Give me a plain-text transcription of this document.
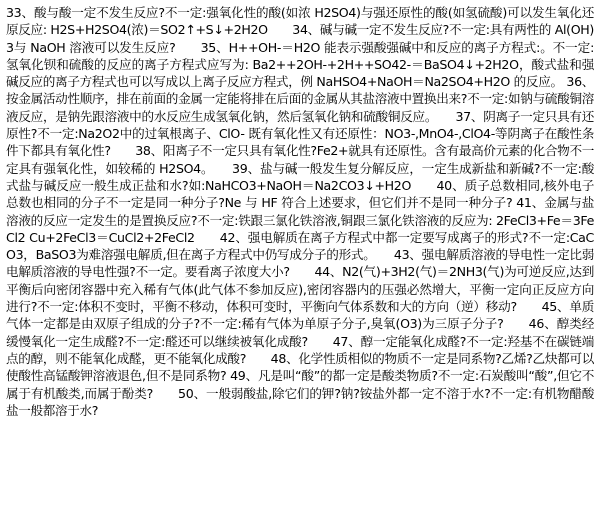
33、酸与酸一定不发生反应?不一定:强氧化性的酸(如浓 H2SO4)与强还原性的酸(如氢硫酸)可以发生氧化还原反应: H2S+H2SO4(浓)＝SO2↑+S↓+2H2O　　34、碱与碱一定不发生反应?不一定:具有两性的 Al(OH)3与 NaOH 溶液可以发生反应?　　35、H++OH-＝H2O 能表示强酸强碱中和反应的离子方程式:。不一定:氢氧化钡和硫酸的反应的离子方程式应写为: Ba2++2OH-+2H++SO42-＝BaSO4↓+2H2O，酸式盐和强碱反应的离子方程式也可以写成以上离子反应方程式，例 NaHSO4+NaOH＝Na2SO4+H2O 的反应。 36、按金属活动性顺序，排在前面的金属一定能将排在后面的金属从其盐溶液中置换出来?不一定:如钠与硫酸铜溶液反应，是钠先跟溶液中的水反应生成氢氧化钠，然后氢氧化钠和硫酸铜反应。　　37、阴离子一定只具有还原性?不一定:Na2O2中的过氧根离子、ClO- 既有氧化性又有还原性：NO3-,MnO4-,ClO4-等阴离子在酸性条件下都具有氧化性?　　38、阳离子不一定只具有氧化性?Fe2+就具有还原性。含有最高价元素的化合物不一定具有强氧化性，如较稀的 H2SO4。　　39、盐与碱一般发生复分解反应，一定生成新盐和新碱?不一定:酸式盐与碱反应一般生成正盐和水?如:NaHCO3+NaOH＝Na2CO3↓+H2O　　40、质子总数相同,核外电子总数也相同的分子不一定是同一种分子?Ne 与 HF 符合上述要求，但它们并不是同一种分子? 41、金属与盐溶液的反应一定发生的是置换反应?不一定:铁跟三氯化铁溶液,铜跟三氯化铁溶液的反应为: 2FeCl3+Fe＝3FeCl2 Cu+2FeCl3＝CuCl2+2FeCl2　　42、强电解质在离子方程式中都一定要写成离子的形式?不一定:CaCO3，BaSO3为难溶强电解质,但在离子方程式中仍写成分子的形式。　　43、强电解质溶液的导电性一定比弱电解质溶液的导电性强?不一定。要看离子浓度大小?　　44、N2(气)+3H2(气)＝2NH3(气)为可逆反应,达到平衡后向密闭容器中充入稀有气体(此气体不参加反应),密闭容器内的压强必然增大，平衡一定向正反应方向进行?不一定:体积不变时，平衡不移动，体积可变时，平衡向气体系数和大的方向（逆）移动?　　45、单质气体一定都是由双原子组成的分子?不一定:稀有气体为单原子分子,臭氧(O3)为三原子分子?　　46、醇类经缓慢氧化一定生成醛?不一定:醛还可以继续被氧化成酸?　　47、醇一定能氧化成醛?不一定:羟基不在碳链端点的醇，则不能氧化成醛，更不能氧化成酸?　　48、化学性质相似的物质不一定是同系物?乙烯?乙炔都可以使酸性高锰酸钾溶液退色,但不是同系物? 49、凡是叫“酸”的都一定是酸类物质?不一定:石炭酸叫“酸”,但它不属于有机酸类,而属于酚类?　　50、一般弱酸盐,除它们的钾?钠?铵盐外都一定不溶于水?不一定:有机物醋酸盐一般都溶于水?
